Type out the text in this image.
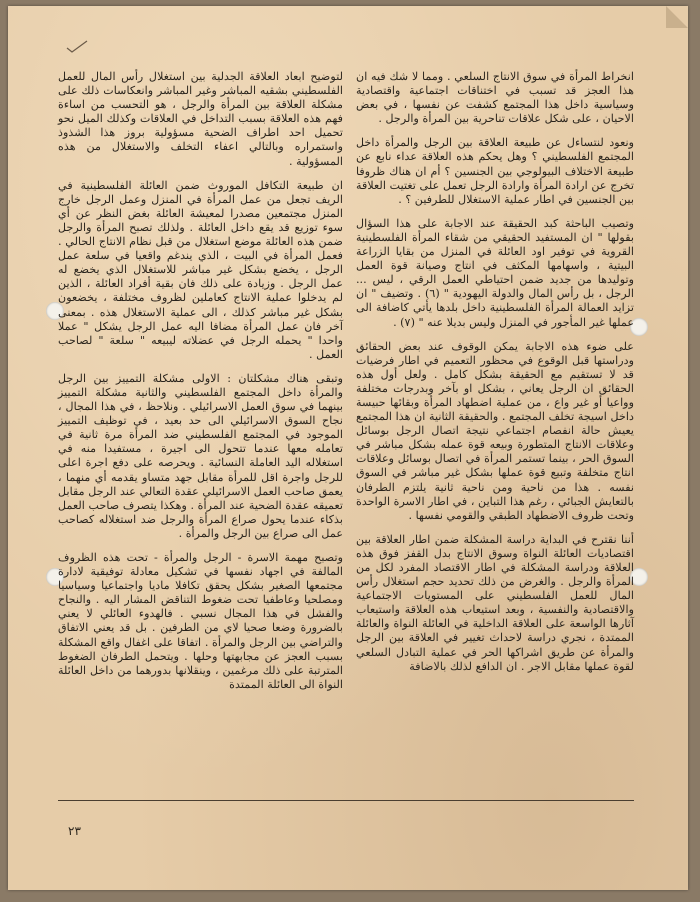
انخراط المرأة في سوق الانتاج السلعي . ومما لا شك فيه ان هذا العجز قد تسبب في اختناقات اجتماعية واقتصادية وسياسية داخل هذا المجتمع كشفت عن نفسها ، في بعض الاحيان ، على شكل علاقات تناحرية بين المرأة والرجل .

ونعود لنتساءل عن طبيعة العلاقة بين الرجل والمرأة داخل المجتمع الفلسطيني ؟ وهل يحكم هذه العلاقة عداء نابع عن طبيعة الاختلاف البيولوجي بين الجنسين ؟ أم ان هناك ظروفا تخرج عن ارادة المرأة وارادة الرجل تعمل على تغتيت العلاقة بين الجنسين في اطار عملية الاستغلال للطرفين ؟ .

وتصيب الباحثة كبد الحقيقة عند الاجابة على هذا السؤال بقولها " ان المستفيد الحقيقي من شقاء المرأة الفلسطينية القروية في توفير اود العائلة في المنزل من بقايا الزراعة البيتية ، واسهامها المكثف في انتاج وصيانة قوة العمل وتوليدها من جديد ضمن احتياطي العمل الرقي ، ليس ... الرجل ، بل رأس المال والدولة اليهودية " (٦) . وتضيف " ان تزايد العمالة المرأة الفلسطينية داخل بلدها يأتي كاضافة الى عملها غير المأجور في المنزل وليس بديلا عنه " (٧) .

على ضوء هذه الاجابة يمكن الوقوف عند بعض الحقائق ودراستها قبل الوقوع في محظور التعميم في اطار فرضيات قد لا تستقيم مع الحقيقة بشكل كامل . ولعل أول هذه الحقائق ان الرجل يعاني ، بشكل او بآخر وبدرجات مختلفة وواعيا أو غير واع ، من عملية اضطهاد المرأة وبقائها حبيسة داخل اسيجة تخلف المجتمع . والحقيقة الثانية ان هذا المجتمع يعيش حالة انفصام اجتماعي نتيجة اتصال الرجل بوسائل وعلاقات الانتاج المتطورة وبيعه قوة عمله بشكل مباشر في السوق الحر ، بينما تستمر المرأة في اتصال بوسائل وعلاقات انتاج متخلفة وتبيع قوة عملها بشكل غير مباشر في السوق نفسه . هذا من ناحية ومن ناحية ثانية يلتزم الطرفان بالتعايش الجبائي ، رغم هذا التباين ، في اطار الاسرة الواحدة وتحت ظروف الاضطهاد الطبقي والقومي نفسها .

أننا نقترح في البداية دراسة المشكلة ضمن اطار العلاقة بين اقتصاديات العائلة النواة وسوق الانتاج بدل القفز فوق هذه العلاقة ودراسة المشكلة في اطار الاقتصاد المفرد لكل من المرأة والرجل . والغرض من ذلك تحديد حجم استغلال رأس المال للعمل الفلسطيني على المستويات الاجتماعية والاقتصادية والنفسية ، وبعد استيعاب هذه العلاقة واستيعاب آثارها الواسعة على العلاقة الداخلية في العائلة النواة والعائلة الممتدة ، نجري دراسة لاحداث تغيير في العلاقة بين الرجل والمرأة عن طريق اشراكها الحر في عملية التبادل السلعي لقوة عملها مقابل الاجر . ان الدافع لذلك بالاضافة

لتوضيح ابعاد العلاقة الجدلية بين استغلال رأس المال للعمل الفلسطيني بشقيه المباشر وغير المباشر وانعكاسات ذلك على مشكلة العلاقة بين المرأة والرجل ، هو التحسب من اساءة فهم هذه العلاقة بسبب التداخل في العلاقات وكذلك الميل نحو تحميل احد اطراف الضحية مسؤولية بروز هذا الشذوذ واستمراره وبالتالي اعفاء التخلف والاستغلال من هذه المسؤولية .

ان طبيعة التكافل الموروث ضمن العائلة الفلسطينية في الريف تجعل من عمل المرأة في المنزل وعمل الرجل خارج المنزل مجتمعين مصدرا لمعيشة العائلة بغض النظر عن أي سوء توزيع قد يقع داخل العائلة . ولذلك تصبح المرأة والرجل ضمن هذه العائلة موضع استغلال من قبل نظام الانتاج الحالي . فعمل المرأة في البيت ، الذي يندغم واقعيا في سلعة عمل الرجل ، يخضع بشكل غير مباشر للاستغلال الذي يخضع له عمل الرجل . وزيادة على ذلك فان بقية أفراد العائلة ، الذين لم يدخلوا عملية الانتاج كعاملين لظروف مختلفة ، يخضعون بشكل غير مباشر كذلك ، الى عملية الاستغلال هذه . بمعنى آخر فان عمل المرأة مضافا اليه عمل الرجل يشكل " عملا واحدا " يحمله الرجل في عضلاته ليبيعه " سلعة " لصاحب العمل .

وتبقى هناك مشكلتان : الاولى مشكلة التمييز بين الرجل والمرأة داخل المجتمع الفلسطيني والثانية مشكلة التمييز بينهما في سوق العمل الاسرائيلي . ونلاحظ ، في هذا المجال ، نجاح السوق الاسرائيلي الى حد بعيد ، في توظيف التمييز الموجود في المجتمع الفلسطيني ضد المرأة مرة ثانية في تعامله معها عندما تتحول الى اجيرة ، مستفيدا منه في استغلاله اليد العاملة النسائية . ويحرصه على دفع اجرة اعلى للرجل واجرة اقل للمرأة مقابل جهد متساو يقدمه أي منهما ، يعمق صاحب العمل الاسرائيلي عقدة التعالي عند الرجل مقابل تعميقه عقدة الضحية عند المرأة . وهكذا يتصرف صاحب العمل بذكاء عندما يحول صراع المرأة والرجل ضد استغلاله كصاحب عمل الى صراع بين الرجل والمرأة .

وتصبح مهمة الاسرة - الرجل والمرأة - تحت هذه الظروف المالفة في اجهاد نفسها في تشكيل معادلة توفيقية لادارة مجتمعها الصغير بشكل يحقق تكافلا ماديا واجتماعيا وسياسيا ومصلحيا وعاطفيا تحت ضغوط التناقض المشار اليه . والنجاح والفشل في هذا المجال نسبي . فالهدوء العائلي لا يعني بالضرورة وضعا صحيا لاي من الطرفين . بل قد يعني الاتفاق والتراضي بين الرجل والمرأة . اتفاقا على اغفال واقع المشكلة بسبب العجز عن مجابهتها وحلها . ويتحمل الطرفان الضغوط المترتبة على ذلك مرغمين ، وينقلانها بدورهما من داخل العائلة النواة الى العائلة الممتدة

٢٣
